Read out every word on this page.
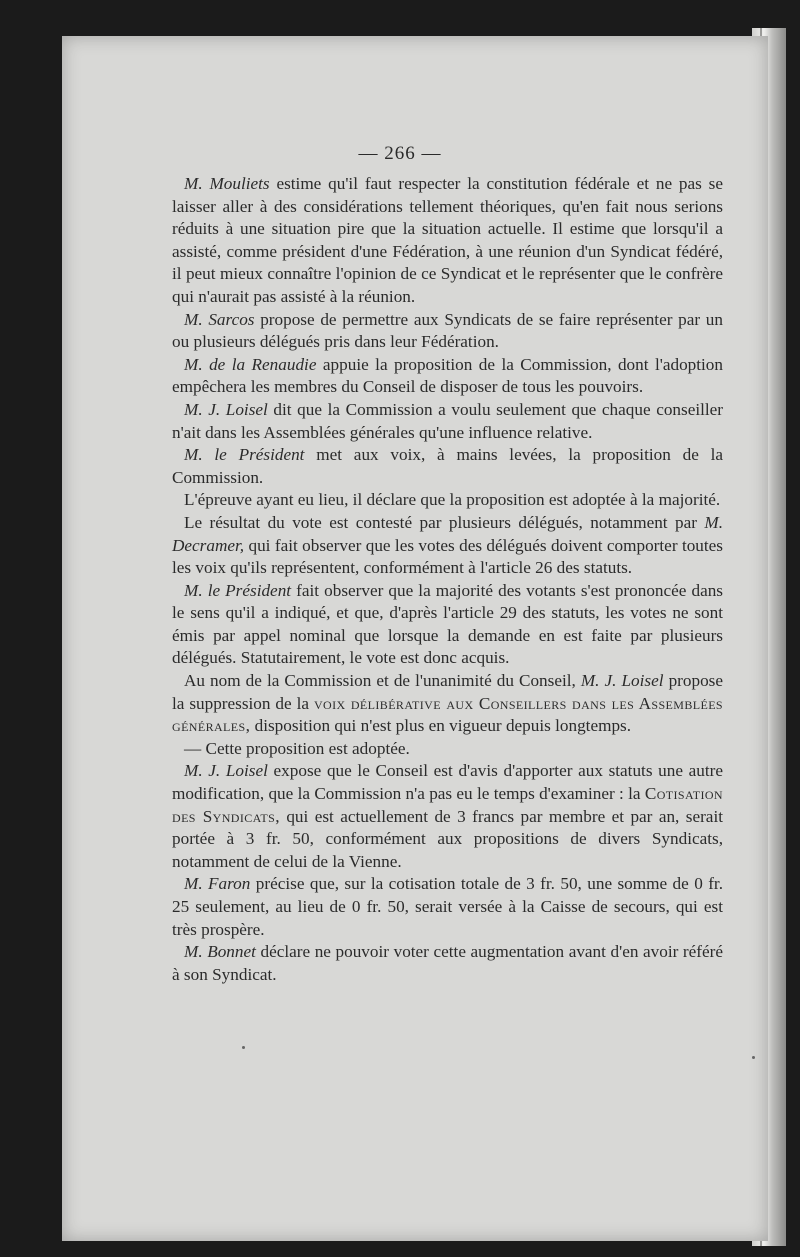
— 266 —

M. Mouliets estime qu'il faut respecter la constitution fédérale et ne pas se laisser aller à des considérations tellement théoriques, qu'en fait nous serions réduits à une situation pire que la situation actuelle. Il estime que lorsqu'il a assisté, comme président d'une Fédération, à une réunion d'un Syndicat fédéré, il peut mieux connaître l'opinion de ce Syndicat et le représenter que le confrère qui n'aurait pas assisté à la réunion.

M. Sarcos propose de permettre aux Syndicats de se faire représenter par un ou plusieurs délégués pris dans leur Fédération.

M. de la Renaudie appuie la proposition de la Commission, dont l'adoption empêchera les membres du Conseil de disposer de tous les pouvoirs.

M. J. Loisel dit que la Commission a voulu seulement que chaque conseiller n'ait dans les Assemblées générales qu'une influence relative.

M. le Président met aux voix, à mains levées, la proposition de la Commission.

L'épreuve ayant eu lieu, il déclare que la proposition est adoptée à la majorité.

Le résultat du vote est contesté par plusieurs délégués, notamment par M. Decramer, qui fait observer que les votes des délégués doivent comporter toutes les voix qu'ils représentent, conformément à l'article 26 des statuts.

M. le Président fait observer que la majorité des votants s'est prononcée dans le sens qu'il a indiqué, et que, d'après l'article 29 des statuts, les votes ne sont émis par appel nominal que lorsque la demande en est faite par plusieurs délégués. Statutairement, le vote est donc acquis.

Au nom de la Commission et de l'unanimité du Conseil, M. J. Loisel propose la suppression de la voix délibérative aux Conseillers dans les Assemblées générales, disposition qui n'est plus en vigueur depuis longtemps.

— Cette proposition est adoptée.

M. J. Loisel expose que le Conseil est d'avis d'apporter aux statuts une autre modification, que la Commission n'a pas eu le temps d'examiner : la Cotisation des Syndicats, qui est actuellement de 3 francs par membre et par an, serait portée à 3 fr. 50, conformément aux propositions de divers Syndicats, notamment de celui de la Vienne.

M. Faron précise que, sur la cotisation totale de 3 fr. 50, une somme de 0 fr. 25 seulement, au lieu de 0 fr. 50, serait versée à la Caisse de secours, qui est très prospère.

M. Bonnet déclare ne pouvoir voter cette augmentation avant d'en avoir référé à son Syndicat.
